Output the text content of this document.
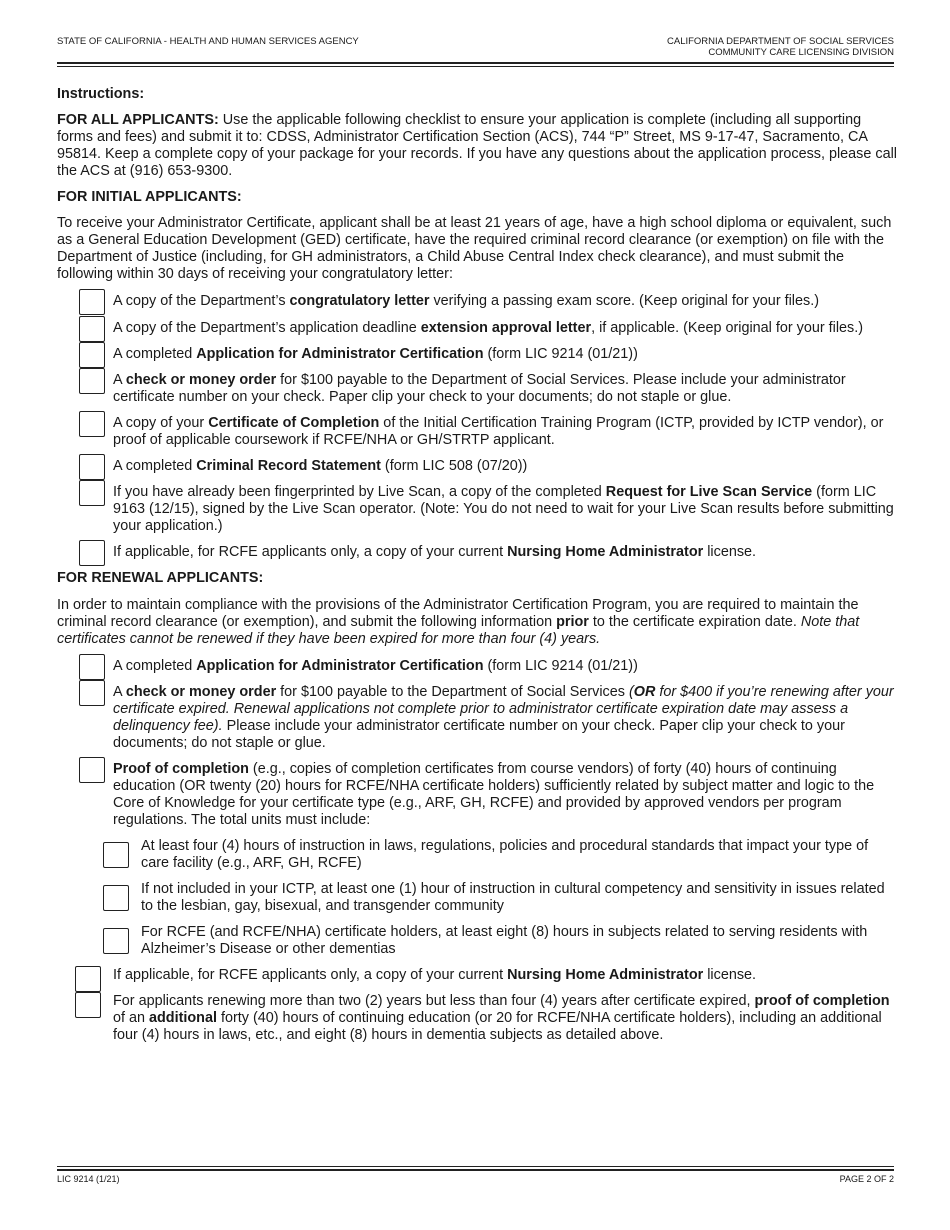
STATE OF CALIFORNIA - HEALTH AND HUMAN SERVICES AGENCY	CALIFORNIA DEPARTMENT OF SOCIAL SERVICES
COMMUNITY CARE LICENSING DIVISION

Instructions:

FOR ALL APPLICANTS: Use the applicable following checklist to ensure your application is complete (including all supporting forms and fees) and submit it to: CDSS, Administrator Certification Section (ACS), 744 “P” Street, MS 9-17-47, Sacramento, CA 95814. Keep a complete copy of your package for your records. If you have any questions about the application process, please call the ACS at (916) 653-9300.

FOR INITIAL APPLICANTS:

To receive your Administrator Certificate, applicant shall be at least 21 years of age, have a high school diploma or equivalent, such as a General Education Development (GED) certificate, have the required criminal record clearance (or exemption) on file with the Department of Justice (including, for GH administrators, a Child Abuse Central Index check clearance), and must submit the following within 30 days of receiving your congratulatory letter:

A copy of the Department’s congratulatory letter verifying a passing exam score. (Keep original for your files.)
A copy of the Department’s application deadline extension approval letter, if applicable. (Keep original for your files.)
A completed Application for Administrator Certification (form LIC 9214 (01/21))
A check or money order for $100 payable to the Department of Social Services. Please include your administrator certificate number on your check. Paper clip your check to your documents; do not staple or glue.
A copy of your Certificate of Completion of the Initial Certification Training Program (ICTP, provided by ICTP vendor), or proof of applicable coursework if RCFE/NHA or GH/STRTP applicant.
A completed Criminal Record Statement (form LIC 508 (07/20))
If you have already been fingerprinted by Live Scan, a copy of the completed Request for Live Scan Service (form LIC 9163 (12/15), signed by the Live Scan operator. (Note: You do not need to wait for your Live Scan results before submitting your application.)
If applicable, for RCFE applicants only, a copy of your current Nursing Home Administrator license.

FOR RENEWAL APPLICANTS:

In order to maintain compliance with the provisions of the Administrator Certification Program, you are required to maintain the criminal record clearance (or exemption), and submit the following information prior to the certificate expiration date. Note that certificates cannot be renewed if they have been expired for more than four (4) years.

A completed Application for Administrator Certification (form LIC 9214 (01/21))
A check or money order for $100 payable to the Department of Social Services (OR for $400 if you’re renewing after your certificate expired. Renewal applications not complete prior to administrator certificate expiration date may assess a delinquency fee). Please include your administrator certificate number on your check. Paper clip your check to your documents; do not staple or glue.
Proof of completion (e.g., copies of completion certificates from course vendors) of forty (40) hours of continuing education (OR twenty (20) hours for RCFE/NHA certificate holders) sufficiently related by subject matter and logic to the Core of Knowledge for your certificate type (e.g., ARF, GH, RCFE) and provided by approved vendors per program regulations. The total units must include:
At least four (4) hours of instruction in laws, regulations, policies and procedural standards that impact your type of care facility (e.g., ARF, GH, RCFE)
If not included in your ICTP, at least one (1) hour of instruction in cultural competency and sensitivity in issues related to the lesbian, gay, bisexual, and transgender community
For RCFE (and RCFE/NHA) certificate holders, at least eight (8) hours in subjects related to serving residents with Alzheimer’s Disease or other dementias
If applicable, for RCFE applicants only, a copy of your current Nursing Home Administrator license.
For applicants renewing more than two (2) years but less than four (4) years after certificate expired, proof of completion of an additional forty (40) hours of continuing education (or 20 for RCFE/NHA certificate holders), including an additional four (4) hours in laws, etc., and eight (8) hours in dementia subjects as detailed above.
LIC 9214 (1/21)	PAGE 2 OF 2
